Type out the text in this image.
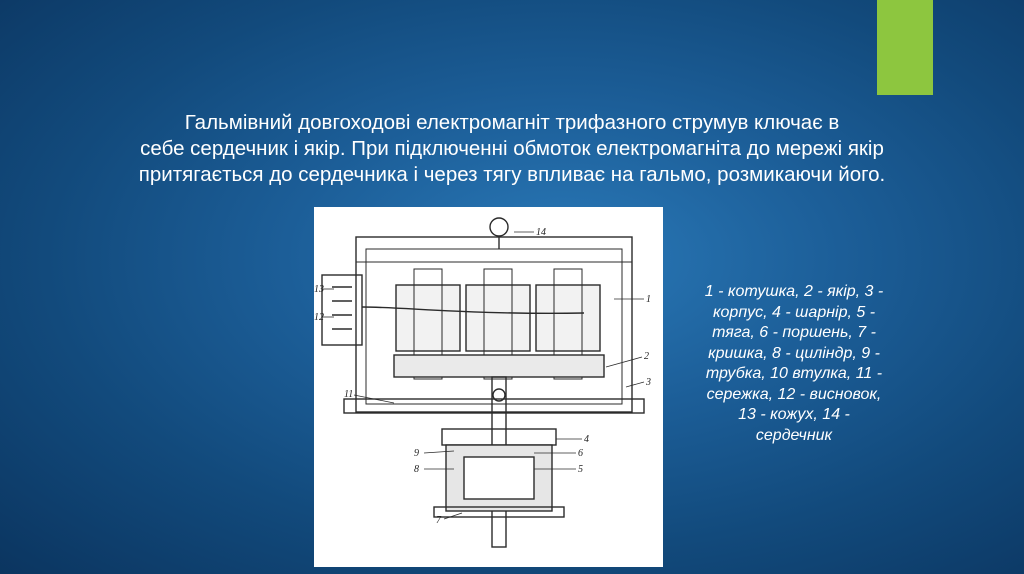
Гальмівний довгоходові електромагніт трифазного струмув ключає в
себе сердечник і якір. При підключенні обмоток електромагніта до мережі якір
притягається до сердечника і через тягу впливає на гальмо, розмикаючи його.
1
2
3
4
5
6
7
8
9
11
12
13
14
1 - котушка, 2 - якір, 3 -
корпус, 4 - шарнір, 5 -
тяга, 6 - поршень, 7 -
кришка, 8 - цилiндр, 9 -
трубка, 10 втулка, 11 -
сережка, 12 - висновок,
13 - кожух, 14 -
сердечник
